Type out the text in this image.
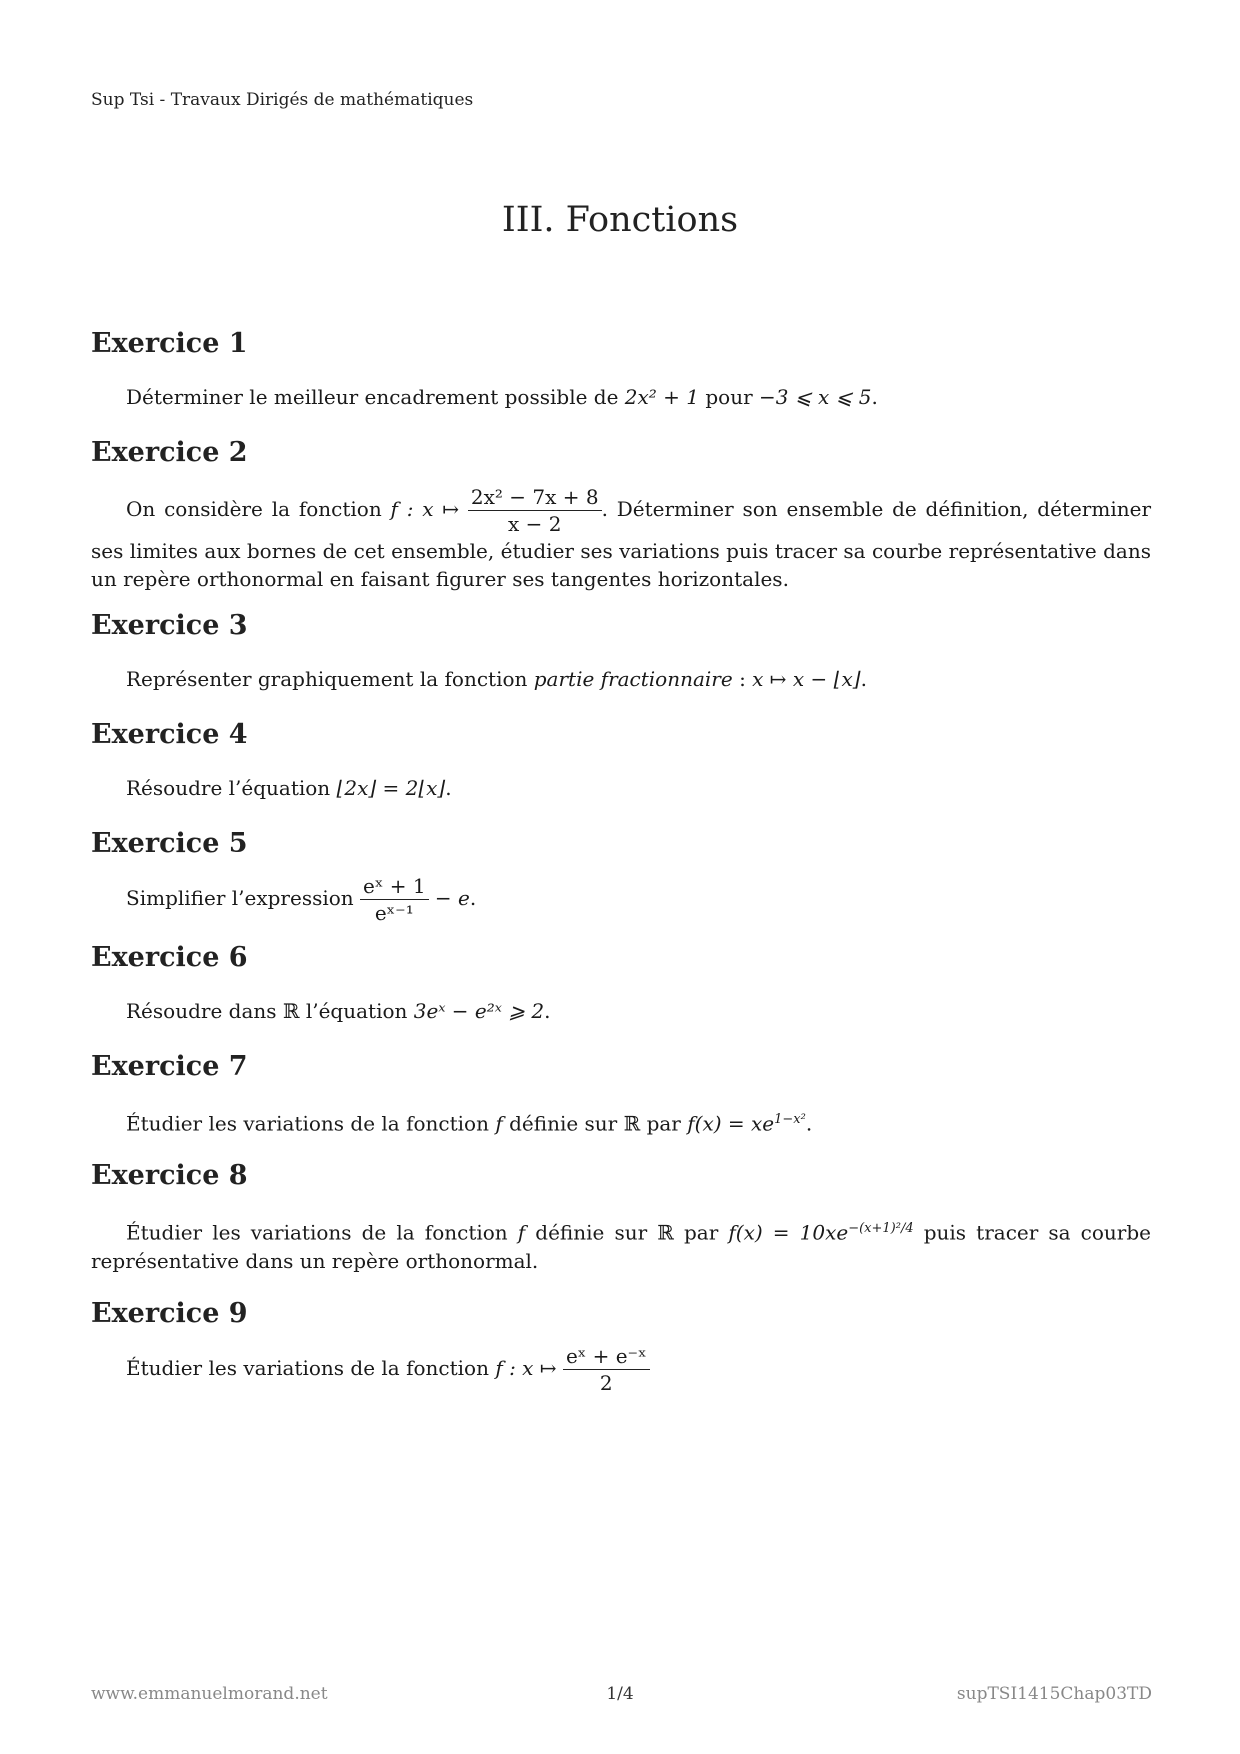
Sup Tsi - Travaux Dirigés de mathématiques
III. Fonctions
Exercice 1
Déterminer le meilleur encadrement possible de 2x² + 1 pour −3 ⩽ x ⩽ 5.
Exercice 2
On considère la fonction f : x ↦ $\frac{\text{2x² − 7x + 8}}{x - 2}$ . Déterminer son ensemble de définition, déterminer ses limites aux bornes de cet ensemble, étudier ses variations puis tracer sa courbe représentative dans un repère orthonormal en faisant figurer ses tangentes horizontales.
Exercice 3
Représenter graphiquement la fonction partie fractionnaire : x ↦ x − ⌊x⌋.
Exercice 4
Résoudre l’équation ⌊2x⌋ = 2⌊x⌋.
Exercice 5
Simplifier l’expression $\frac{\text{eˣ + 1}}{\text{eˣ⁻¹}} - e$.
Exercice 6
Résoudre dans ℝ l’équation 3eˣ − e²ˣ ⩾ 2.
Exercice 7
Étudier les variations de la fonction f définie sur ℝ par $f(x) = xe^{1-x^2}$.
Exercice 8
Étudier les variations de la fonction f définie sur ℝ par $f(x) = 10xe^{-(x+1)^2/4}$ puis tracer sa courbe représentative dans un repère orthonormal.
Exercice 9
Étudier les variations de la fonction f : x ↦ $\frac{\text{eˣ + e⁻ˣ}}{2}$
www.emmanuelmorand.net	1/4	supTSI1415Chap03TD
